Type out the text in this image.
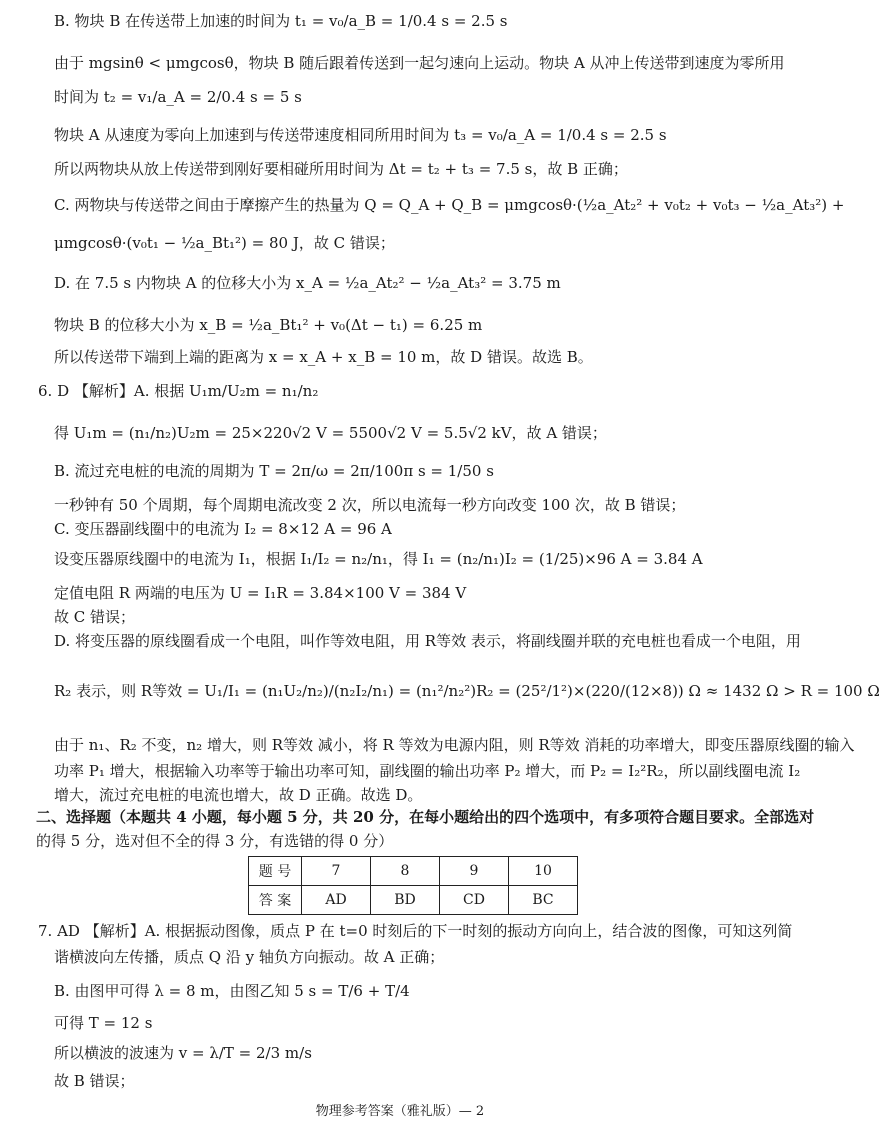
B. 物块 B 在传送带上加速的时间为 t₁ = v₀/a_B = 1/0.4 s = 2.5 s
由于 mgsinθ < μmgcosθ，物块 B 随后跟着传送到一起匀速向上运动。物块 A 从冲上传送带到速度为零所用
时间为 t₂ = v₁/a_A = 2/0.4 s = 5 s
物块 A 从速度为零向上加速到与传送带速度相同所用时间为 t₃ = v₀/a_A = 1/0.4 s = 2.5 s
所以两物块从放上传送带到刚好要相碰所用时间为 Δt = t₂ + t₃ = 7.5 s，故 B 正确；
C. 两物块与传送带之间由于摩擦产生的热量为 Q = Q_A + Q_B = μmgcosθ·(½a_At₂² + v₀t₂ + v₀t₃ − ½a_At₃²) +
μmgcosθ·(v₀t₁ − ½a_Bt₁²) = 80 J，故 C 错误；
D. 在 7.5 s 内物块 A 的位移大小为 x_A = ½a_At₂² − ½a_At₃² = 3.75 m
物块 B 的位移大小为 x_B = ½a_Bt₁² + v₀(Δt − t₁) = 6.25 m
所以传送带下端到上端的距离为 x = x_A + x_B = 10 m，故 D 错误。故选 B。
6. D 【解析】A. 根据 U₁m/U₂m = n₁/n₂
得 U₁m = (n₁/n₂)U₂m = 25×220√2 V = 5500√2 V = 5.5√2 kV，故 A 错误；
B. 流过充电桩的电流的周期为 T = 2π/ω = 2π/100π s = 1/50 s
一秒钟有 50 个周期，每个周期电流改变 2 次，所以电流每一秒方向改变 100 次，故 B 错误；
C. 变压器副线圈中的电流为 I₂ = 8×12 A = 96 A
设变压器原线圈中的电流为 I₁，根据 I₁/I₂ = n₂/n₁，得 I₁ = (n₂/n₁)I₂ = (1/25)×96 A = 3.84 A
定值电阻 R 两端的电压为 U = I₁R = 3.84×100 V = 384 V
故 C 错误；
D. 将变压器的原线圈看成一个电阻，叫作等效电阻，用 R等效 表示，将副线圈并联的充电桩也看成一个电阻，用
R₂ 表示，则 R等效 = U₁/I₁ = (n₁U₂/n₂)/(n₂I₂/n₁) = (n₁²/n₂²)R₂ = (25²/1²)×(220/(12×8)) Ω ≈ 1432 Ω > R = 100 Ω
由于 n₁、R₂ 不变，n₂ 增大，则 R等效 减小，将 R 等效为电源内阻，则 R等效 消耗的功率增大，即变压器原线圈的输入
功率 P₁ 增大，根据输入功率等于输出功率可知，副线圈的输出功率 P₂ 增大，而 P₂ = I₂²R₂，所以副线圈电流 I₂
增大，流过充电桩的电流也增大，故 D 正确。故选 D。
二、选择题（本题共 4 小题，每小题 5 分，共 20 分，在每小题给出的四个选项中，有多项符合题目要求。全部选对
的得 5 分，选对但不全的得 3 分，有选错的得 0 分）
题 号	7	8	9	10
答 案	AD	BD	CD	BC
7. AD 【解析】A. 根据振动图像，质点 P 在 t=0 时刻后的下一时刻的振动方向向上，结合波的图像，可知这列简
谐横波向左传播，质点 Q 沿 y 轴负方向振动。故 A 正确；
B. 由图甲可得 λ = 8 m，由图乙知 5 s = T/6 + T/4
可得 T = 12 s
所以横波的波速为 v = λ/T = 2/3 m/s
故 B 错误；
物理参考答案（雅礼版）— 2
